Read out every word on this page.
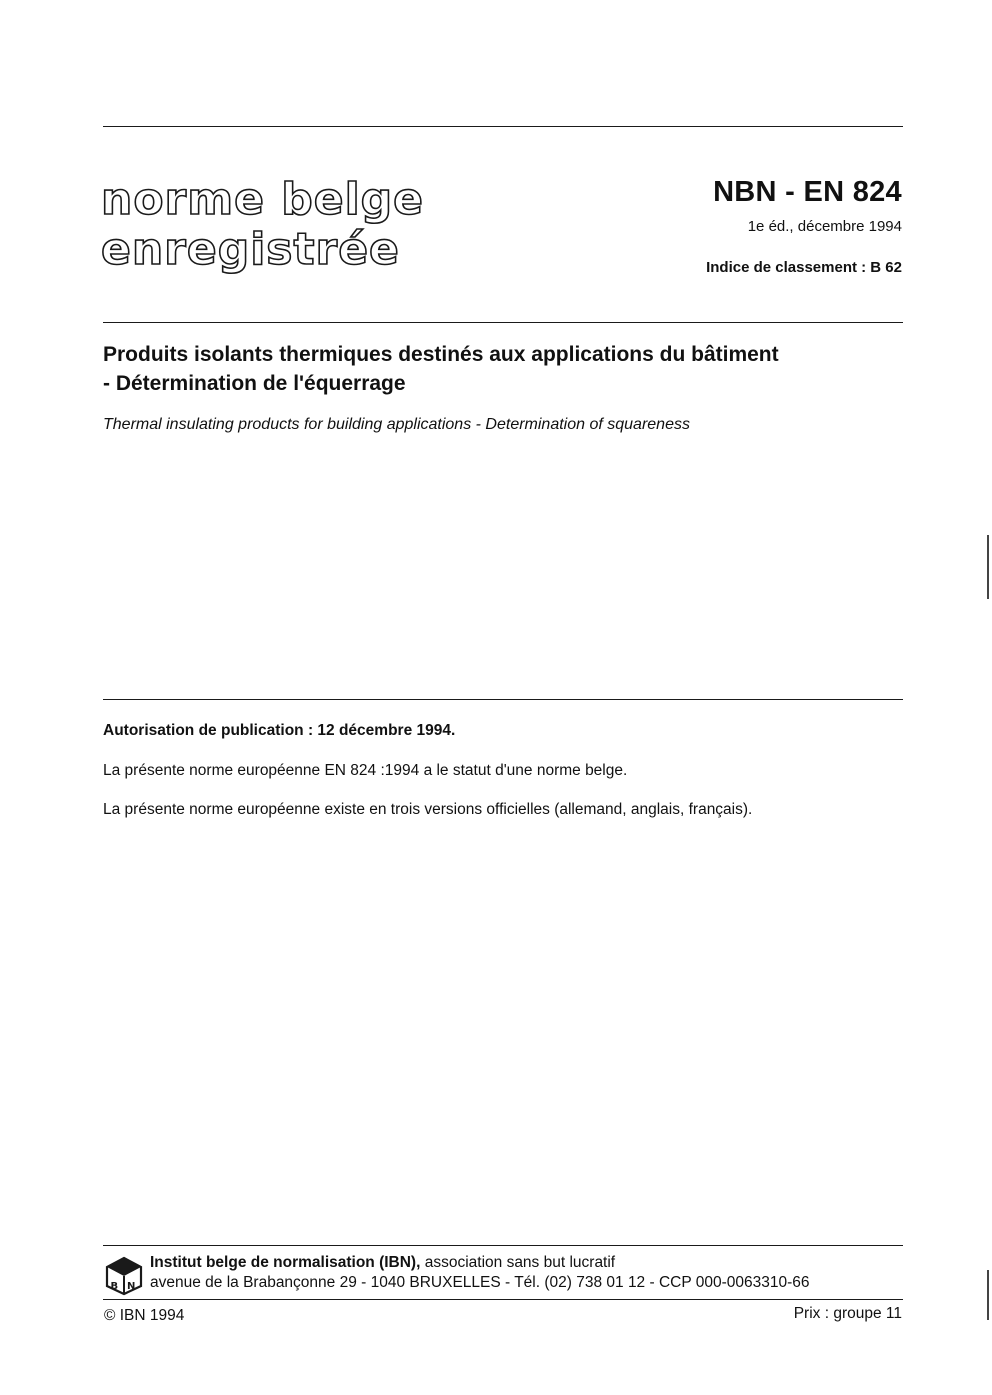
norme belge
enregistrée
NBN - EN 824
1e éd., décembre 1994
Indice de classement : B 62
Produits isolants thermiques destinés aux applications du bâtiment
- Détermination de l'équerrage
Thermal insulating products for building applications - Determination of squareness
Autorisation de publication : 12 décembre 1994.
La présente norme européenne EN 824 :1994 a le statut d'une norme belge.
La présente norme européenne existe en trois versions officielles (allemand, anglais, français).
B N
Institut belge de normalisation (IBN), association sans but lucratif
avenue de la Brabançonne 29 - 1040 BRUXELLES - Tél. (02) 738 01 12 - CCP 000-0063310-66
© IBN 1994	Prix : groupe 11
